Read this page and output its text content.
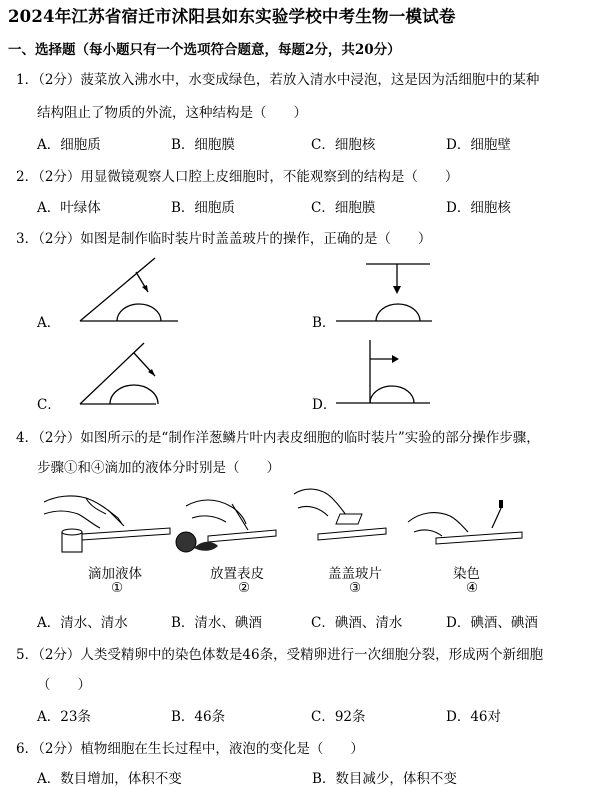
2024年江苏省宿迁市沭阳县如东实验学校中考生物一模试卷
一、选择题（每小题只有一个选项符合题意，每题2分，共20分）
1．（2分）菠菜放入沸水中，水变成绿色，若放入清水中浸泡，这是因为活细胞中的某种
结构阻止了物质的外流，这种结构是（　　）
A．细胞质	B．细胞膜	C．细胞核	D．细胞壁
2．（2分）用显微镜观察人口腔上皮细胞时，不能观察到的结构是（　　）
A．叶绿体	B．细胞质	C．细胞膜	D．细胞核
3．（2分）如图是制作临时装片时盖盖玻片的操作，正确的是（　　）
A．	B．
C．	D．
4．（2分）如图所示的是“制作洋葱鳞片叶内表皮细胞的临时装片”实验的部分操作步骤，
步骤①和④滴加的液体分时别是（　　）
滴加液体	放置表皮	盖盖玻片	染色
①	②	③	④
A．清水、清水	B．清水、碘酒	C．碘酒、清水	D．碘酒、碘酒
5．（2分）人类受精卵中的染色体数是46条，受精卵进行一次细胞分裂，形成两个新细胞
（　　）
A．23条	B．46条	C．92条	D．46对
6．（2分）植物细胞在生长过程中，液泡的变化是（　　）
A．数目增加，体积不变	B．数目减少，体积不变
